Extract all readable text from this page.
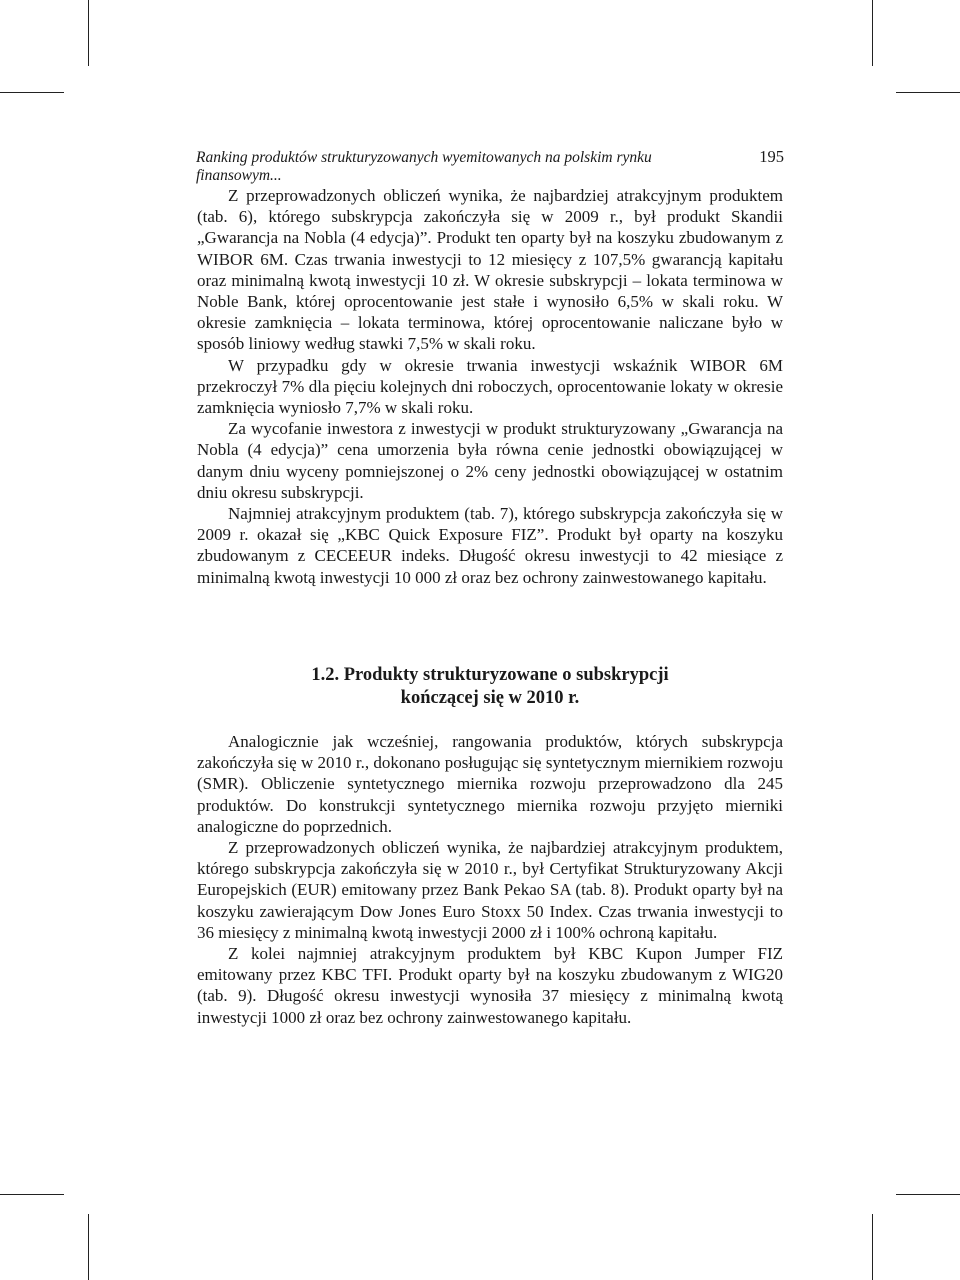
Ranking produktów strukturyzowanych wyemitowanych na polskim rynku finansowym...
195

Z przeprowadzonych obliczeń wynika, że najbardziej atrakcyjnym produktem (tab. 6), którego subskrypcja zakończyła się w 2009 r., był produkt Skandii „Gwarancja na Nobla (4 edycja)”. Produkt ten oparty był na koszyku zbudowanym z WIBOR 6M. Czas trwania inwestycji to 12 miesięcy z 107,5% gwarancją kapitału oraz minimalną kwotą inwestycji 10 zł. W okresie subskrypcji – lokata terminowa w Noble Bank, której oprocentowanie jest stałe i wynosiło 6,5% w skali roku. W okresie zamknięcia – lokata terminowa, której oprocentowanie naliczane było w sposób liniowy według stawki 7,5% w skali roku.

W przypadku gdy w okresie trwania inwestycji wskaźnik WIBOR 6M przekroczył 7% dla pięciu kolejnych dni roboczych, oprocentowanie lokaty w okresie zamknięcia wyniosło 7,7% w skali roku.

Za wycofanie inwestora z inwestycji w produkt strukturyzowany „Gwarancja na Nobla (4 edycja)” cena umorzenia była równa cenie jednostki obowiązującej w danym dniu wyceny pomniejszonej o 2% ceny jednostki obowiązującej w ostatnim dniu okresu subskrypcji.

Najmniej atrakcyjnym produktem (tab. 7), którego subskrypcja zakończyła się w 2009 r. okazał się „KBC Quick Exposure FIZ”. Produkt był oparty na koszyku zbudowanym z CECEEUR indeks. Długość okresu inwestycji to 42 miesiące z minimalną kwotą inwestycji 10 000 zł oraz bez ochrony zainwestowanego kapitału.

1.2. Produkty strukturyzowane o subskrypcji
kończącej się w 2010 r.

Analogicznie jak wcześniej, rangowania produktów, których subskrypcja zakończyła się w 2010 r., dokonano posługując się syntetycznym miernikiem rozwoju (SMR). Obliczenie syntetycznego miernika rozwoju przeprowadzono dla 245 produktów. Do konstrukcji syntetycznego miernika rozwoju przyjęto mierniki analogiczne do poprzednich.

Z przeprowadzonych obliczeń wynika, że najbardziej atrakcyjnym produktem, którego subskrypcja zakończyła się w 2010 r., był Certyfikat Strukturyzowany Akcji Europejskich (EUR) emitowany przez Bank Pekao SA (tab. 8). Produkt oparty był na koszyku zawierającym Dow Jones Euro Stoxx 50 Index. Czas trwania inwestycji to 36 miesięcy z minimalną kwotą inwestycji 2000 zł i 100% ochroną kapitału.

Z kolei najmniej atrakcyjnym produktem był KBC Kupon Jumper FIZ emitowany przez KBC TFI. Produkt oparty był na koszyku zbudowanym z WIG20 (tab. 9). Długość okresu inwestycji wynosiła 37 miesięcy z minimalną kwotą inwestycji 1000 zł oraz bez ochrony zainwestowanego kapitału.
